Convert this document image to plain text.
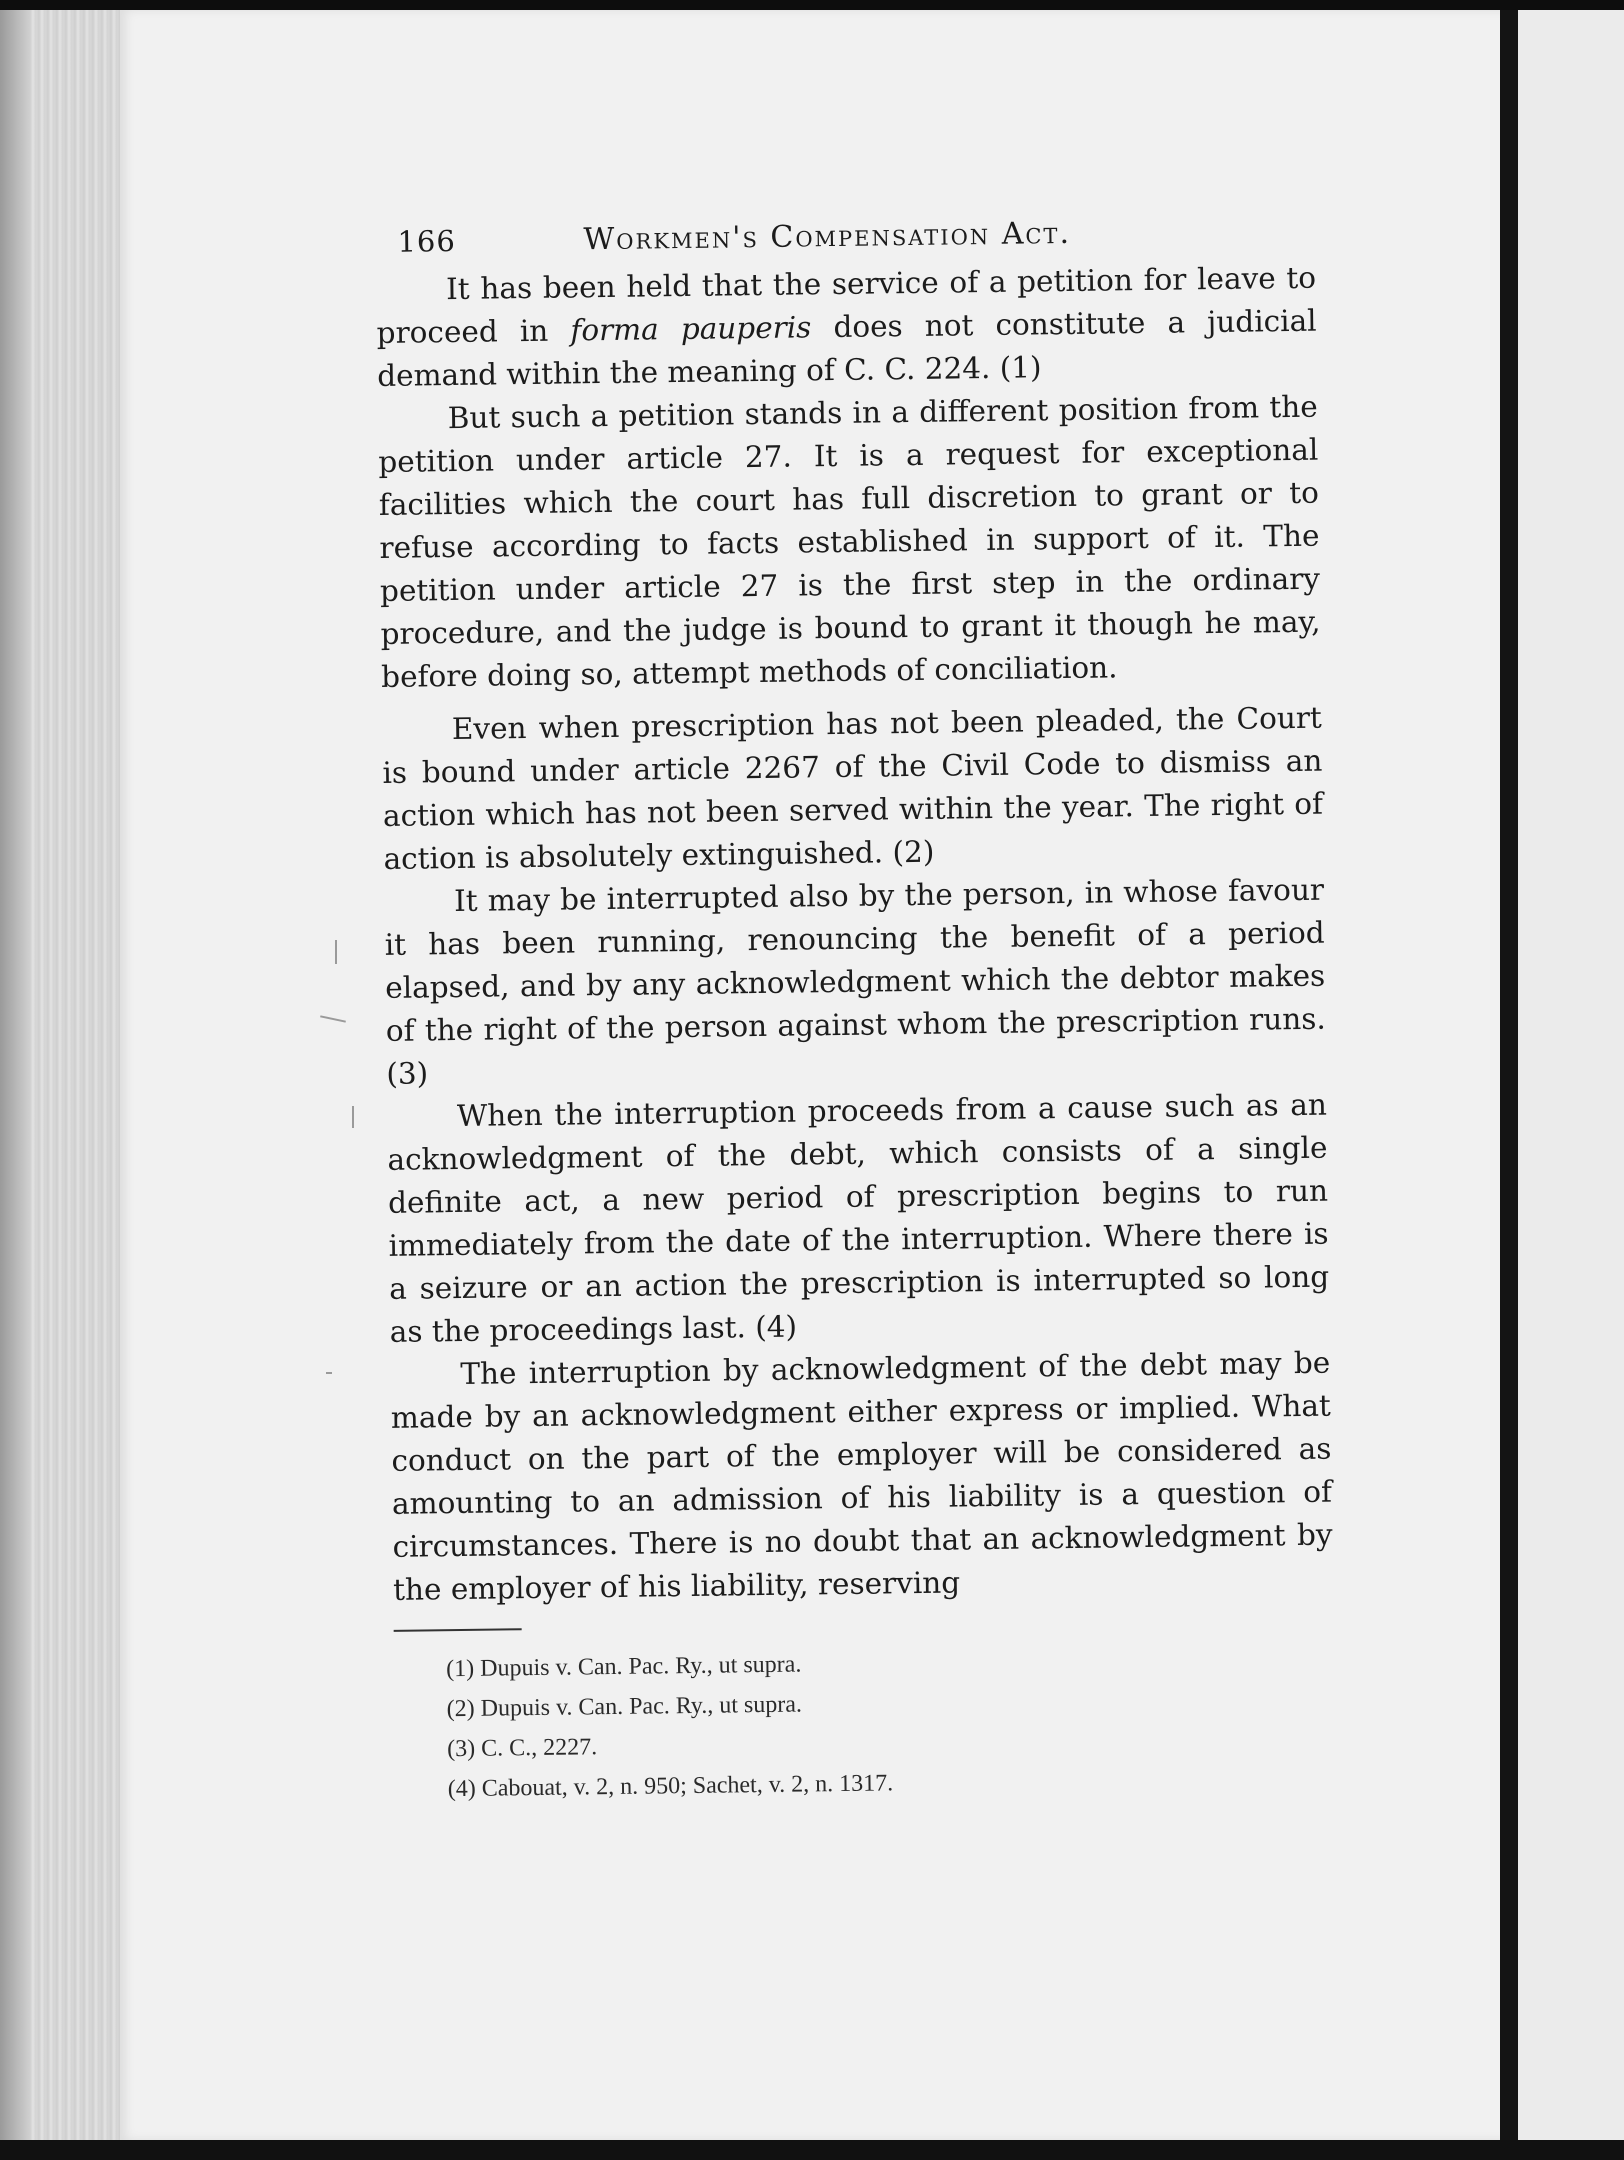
166	Workmen's Compensation Act.

It has been held that the service of a petition for leave to proceed in forma pauperis does not constitute a judicial demand within the meaning of C. C. 224. (1)

But such a petition stands in a different position from the petition under article 27. It is a request for exceptional facilities which the court has full discretion to grant or to refuse according to facts established in support of it. The petition under article 27 is the first step in the ordinary procedure, and the judge is bound to grant it though he may, before doing so, attempt methods of conciliation.

Even when prescription has not been pleaded, the Court is bound under article 2267 of the Civil Code to dismiss an action which has not been served within the year. The right of action is absolutely extinguished. (2)

It may be interrupted also by the person, in whose favour it has been running, renouncing the benefit of a period elapsed, and by any acknowledgment which the debtor makes of the right of the person against whom the prescription runs. (3)

When the interruption proceeds from a cause such as an acknowledgment of the debt, which consists of a single definite act, a new period of prescription begins to run immediately from the date of the interruption. Where there is a seizure or an action the prescription is interrupted so long as the proceedings last. (4)

The interruption by acknowledgment of the debt may be made by an acknowledgment either express or implied. What conduct on the part of the employer will be considered as amounting to an admission of his liability is a question of circumstances. There is no doubt that an acknowledgment by the employer of his liability, reserving

(1) Dupuis v. Can. Pac. Ry., ut supra.

(2) Dupuis v. Can. Pac. Ry., ut supra.

(3) C. C., 2227.

(4) Cabouat, v. 2, n. 950; Sachet, v. 2, n. 1317.
